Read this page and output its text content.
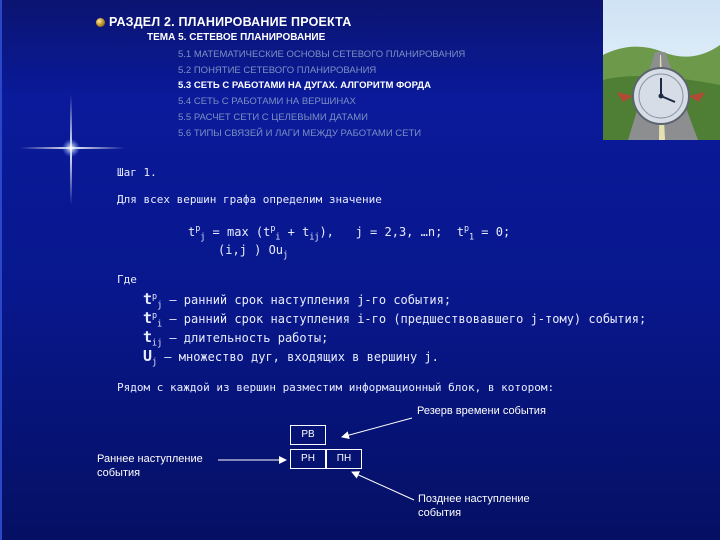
РАЗДЕЛ 2. ПЛАНИРОВАНИЕ ПРОЕКТА
ТЕМА 5. СЕТЕВОЕ ПЛАНИРОВАНИЕ
5.1 МАТЕМАТИЧЕСКИЕ ОСНОВЫ СЕТЕВОГО ПЛАНИРОВАНИЯ
5.2 ПОНЯТИЕ СЕТЕВОГО ПЛАНИРОВАНИЯ
5.3 СЕТЬ С РАБОТАМИ НА ДУГАХ. АЛГОРИТМ ФОРДА
5.4 СЕТЬ С РАБОТАМИ НА ВЕРШИНАХ
5.5 РАСЧЕТ СЕТИ С ЦЕЛЕВЫМИ ДАТАМИ
5.6 ТИПЫ СВЯЗЕЙ И ЛАГИ МЕЖДУ РАБОТАМИ СЕТИ
Шаг 1.
Для всех вершин графа определим значение
$t^р_j = \max (t^р_i + t_{ij})$, j = 2,3, …n; $t^р_1 = 0$;
(i,j ) $Ou_j$
Где
$t^р_j$ – ранний срок наступления j-го события;
$t^р_i$ – ранний срок наступления i-го (предшествовавшего j-тому) события;
$t_{ij}$ – длительность работы;
$U_j$ – множество дуг, входящих в вершину j.
Рядом с каждой из вершин разместим информационный блок, в котором:
Резерв времени события
Раннее наступление события
Позднее наступление события
РВ
РН	ПН
